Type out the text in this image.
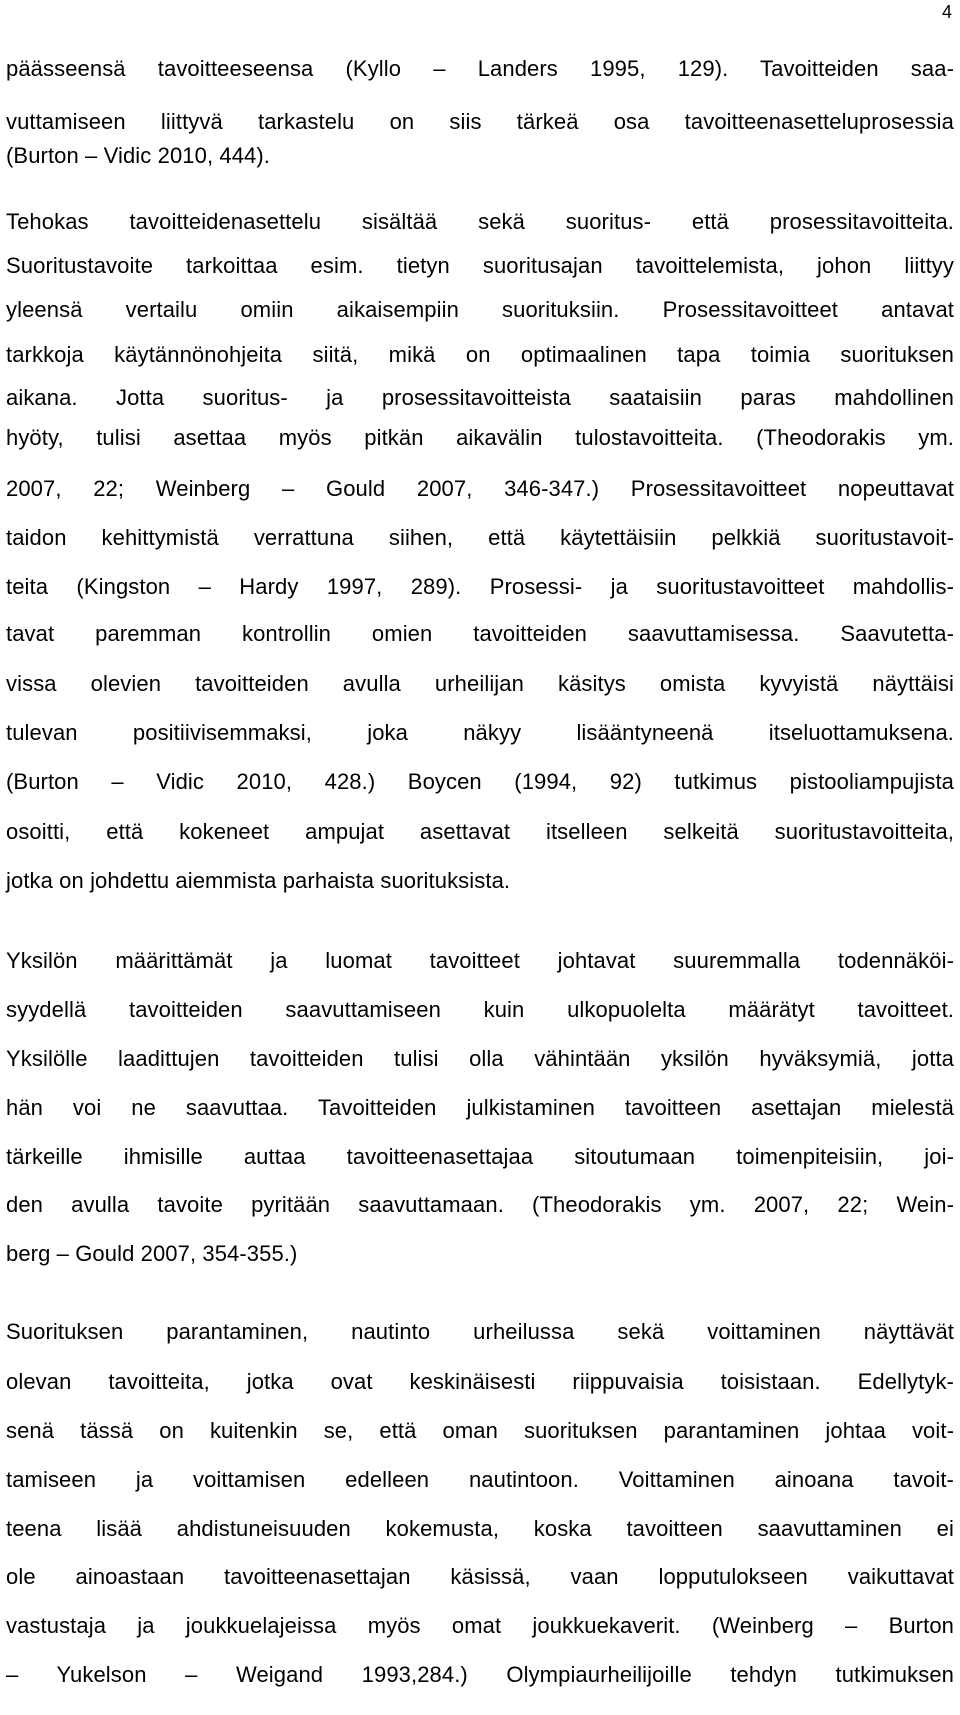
4
päässeensä tavoitteeseensa (Kyllo – Landers 1995, 129). Tavoitteiden saa-
vuttamiseen liittyvä tarkastelu on siis tärkeä osa tavoitteenasetteluprosessia
(Burton – Vidic 2010, 444).
Tehokas tavoitteidenasettelu sisältää sekä suoritus- että prosessitavoitteita.
Suoritustavoite tarkoittaa esim. tietyn suoritusajan tavoittelemista, johon liittyy
yleensä vertailu omiin aikaisempiin suorituksiin. Prosessitavoitteet antavat
tarkkoja käytännönohjeita siitä, mikä on optimaalinen tapa toimia suorituksen
aikana. Jotta suoritus- ja prosessitavoitteista saataisiin paras mahdollinen
hyöty, tulisi asettaa myös pitkän aikavälin tulostavoitteita. (Theodorakis ym.
2007, 22; Weinberg – Gould 2007, 346-347.) Prosessitavoitteet nopeuttavat
taidon kehittymistä verrattuna siihen, että käytettäisiin pelkkiä suoritustavoit-
teita (Kingston – Hardy 1997, 289). Prosessi- ja suoritustavoitteet mahdollis-
tavat paremman kontrollin omien tavoitteiden saavuttamisessa. Saavutetta-
vissa olevien tavoitteiden avulla urheilijan käsitys omista kyvyistä näyttäisi
tulevan positiivisemmaksi, joka näkyy lisääntyneenä itseluottamuksena.
(Burton – Vidic 2010, 428.) Boycen (1994, 92) tutkimus pistooliampujista
osoitti, että kokeneet ampujat asettavat itselleen selkeitä suoritustavoitteita,
jotka on johdettu aiemmista parhaista suorituksista.
Yksilön määrittämät ja luomat tavoitteet johtavat suuremmalla todennäköi-
syydellä tavoitteiden saavuttamiseen kuin ulkopuolelta määrätyt tavoitteet.
Yksilölle laadittujen tavoitteiden tulisi olla vähintään yksilön hyväksymiä, jotta
hän voi ne saavuttaa. Tavoitteiden julkistaminen tavoitteen asettajan mielestä
tärkeille ihmisille auttaa tavoitteenasettajaa sitoutumaan toimenpiteisiin, joi-
den avulla tavoite pyritään saavuttamaan. (Theodorakis ym. 2007, 22; Wein-
berg – Gould 2007, 354-355.)
Suorituksen parantaminen, nautinto urheilussa sekä voittaminen näyttävät
olevan tavoitteita, jotka ovat keskinäisesti riippuvaisia toisistaan. Edellytyk-
senä tässä on kuitenkin se, että oman suorituksen parantaminen johtaa voit-
tamiseen ja voittamisen edelleen nautintoon. Voittaminen ainoana tavoit-
teena lisää ahdistuneisuuden kokemusta, koska tavoitteen saavuttaminen ei
ole ainoastaan tavoitteenasettajan käsissä, vaan lopputulokseen vaikuttavat
vastustaja ja joukkuelajeissa myös omat joukkuekaverit. (Weinberg – Burton
– Yukelson – Weigand 1993,284.) Olympiaurheilijoille tehdyn tutkimuksen
